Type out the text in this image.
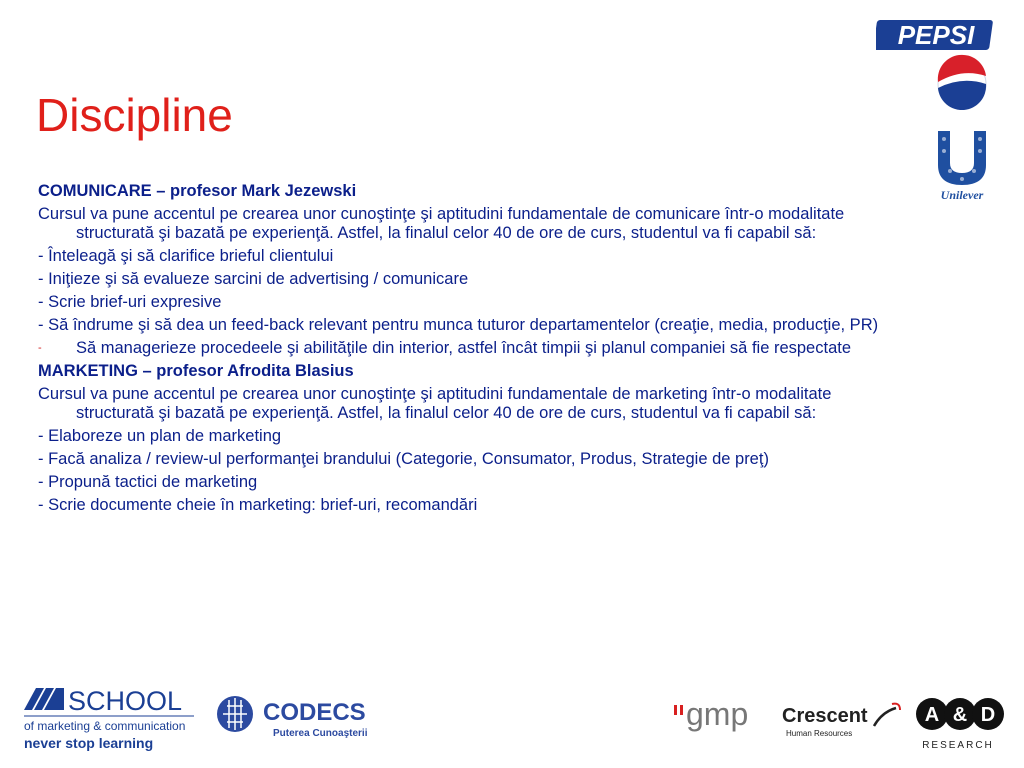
Discipline
COMUNICARE – profesor Mark Jezewski
Cursul va pune accentul pe crearea unor cunoştinţe şi aptitudini fundamentale de comunicare într-o modalitate structurată şi bazată pe experienţă. Astfel, la finalul celor 40 de ore de curs, studentul va fi capabil să:
- Înteleagă şi să clarifice brieful clientului
- Iniţieze şi să evalueze sarcini de advertising / comunicare
- Scrie brief-uri expresive
- Să îndrume şi să dea un feed-back relevant pentru munca tuturor departamentelor (creaţie, media, producţie, PR)
- Să managerieze procedeele şi abilităţile din interior, astfel încât timpii şi planul companiei să fie respectate
MARKETING – profesor Afrodita Blasius
Cursul va pune accentul pe crearea unor cunoştinţe şi aptitudini fundamentale de marketing într-o modalitate structurată şi bazată pe experienţă. Astfel, la finalul celor 40 de ore de curs, studentul va fi capabil să:
- Elaboreze un plan de marketing
- Facă analiza / review-ul performanţei brandului (Categorie, Consumator, Produs, Strategie de preţ)
- Propună tactici de marketing
- Scrie documente cheie în marketing: brief-uri, recomandări
PEPSI
Unilever
SCHOOL
of marketing & communication
never stop learning
CODECS
Puterea Cunoaşterii
gmp Crescent
Human Resources
A & D
RESEARCH
